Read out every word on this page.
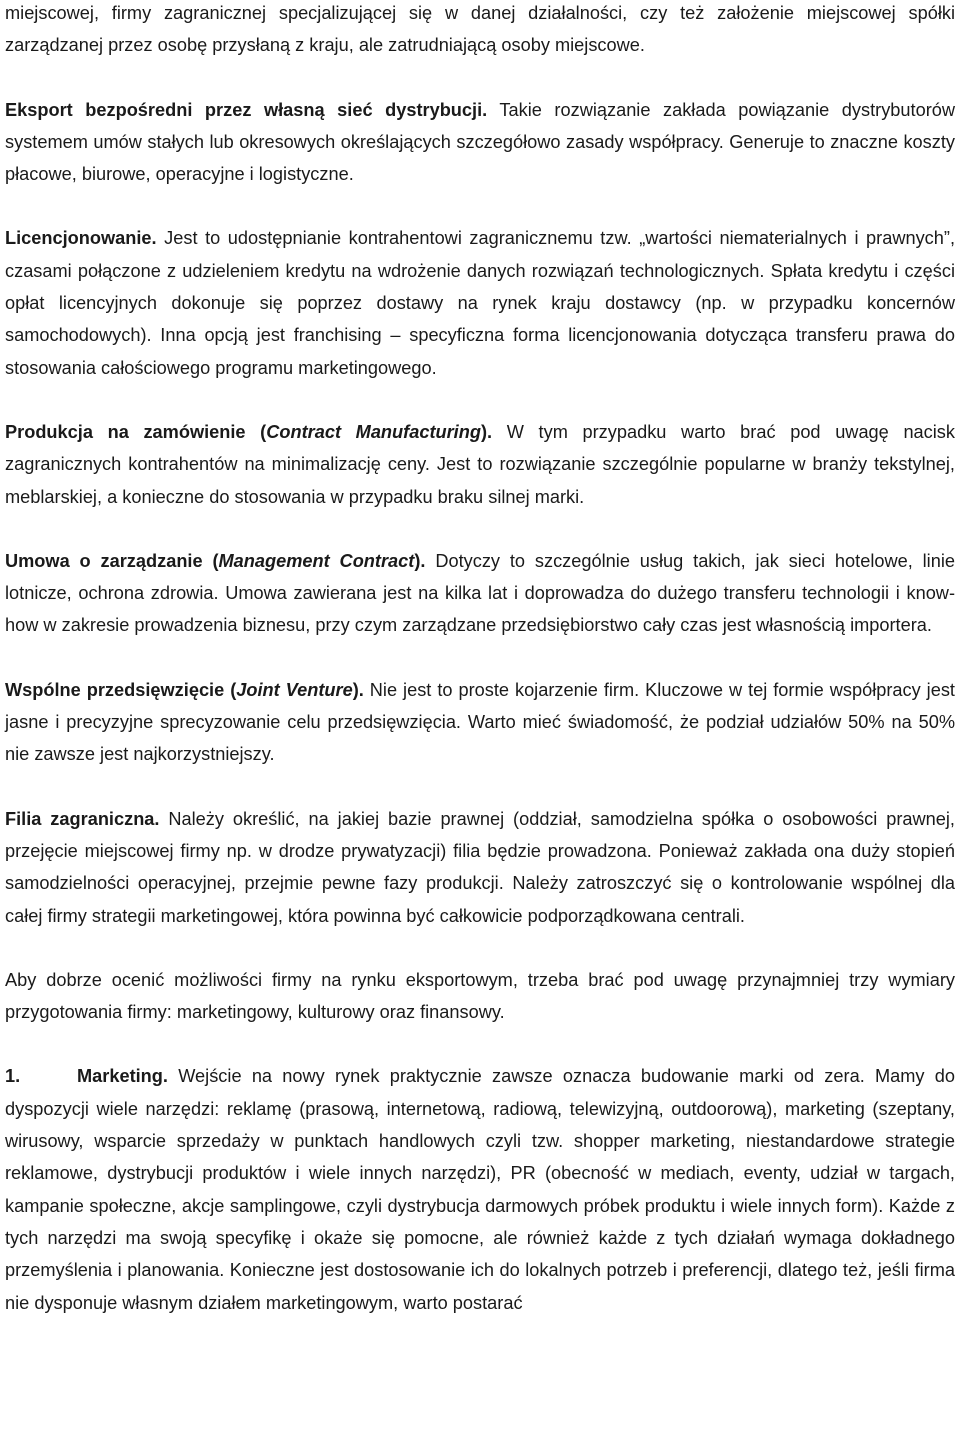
miejscowej, firmy zagranicznej specjalizującej się w danej działalności, czy też założenie miejscowej spółki zarządzanej przez osobę przysłaną z kraju, ale zatrudniającą osoby miejscowe.

Eksport bezpośredni przez własną sieć dystrybucji. Takie rozwiązanie zakłada powiązanie dystrybutorów systemem umów stałych lub okresowych określających szczegółowo zasady współpracy. Generuje to znaczne koszty płacowe, biurowe, operacyjne i logistyczne.

Licencjonowanie. Jest to udostępnianie kontrahentowi zagranicznemu tzw. „wartości niematerialnych i prawnych”, czasami połączone z udzieleniem kredytu na wdrożenie danych rozwiązań technologicznych. Spłata kredytu i części opłat licencyjnych dokonuje się poprzez dostawy na rynek kraju dostawcy (np. w przypadku koncernów samochodowych). Inna opcją jest franchising – specyficzna forma licencjonowania dotycząca transferu prawa do stosowania całościowego programu marketingowego.

Produkcja na zamówienie (Contract Manufacturing). W tym przypadku warto brać pod uwagę nacisk zagranicznych kontrahentów na minimalizację ceny. Jest to rozwiązanie szczególnie popularne w branży tekstylnej, meblarskiej, a konieczne do stosowania w przypadku braku silnej marki.

Umowa o zarządzanie (Management Contract). Dotyczy to szczególnie usług takich, jak sieci hotelowe, linie lotnicze, ochrona zdrowia. Umowa zawierana jest na kilka lat i doprowadza do dużego transferu technologii i know-how w zakresie prowadzenia biznesu, przy czym zarządzane przedsiębiorstwo cały czas jest własnością importera.

Wspólne przedsięwzięcie (Joint Venture). Nie jest to proste kojarzenie firm. Kluczowe w tej formie współpracy jest jasne i precyzyjne sprecyzowanie celu przedsięwzięcia. Warto mieć świadomość, że podział udziałów 50% na 50% nie zawsze jest najkorzystniejszy.

Filia zagraniczna. Należy określić, na jakiej bazie prawnej (oddział, samodzielna spółka o osobowości prawnej, przejęcie miejscowej firmy np. w drodze prywatyzacji) filia będzie prowadzona. Ponieważ zakłada ona duży stopień samodzielności operacyjnej, przejmie pewne fazy produkcji. Należy zatroszczyć się o kontrolowanie wspólnej dla całej firmy strategii marketingowej, która powinna być całkowicie podporządkowana centrali.

Aby dobrze ocenić możliwości firmy na rynku eksportowym, trzeba brać pod uwagę przynajmniej trzy wymiary przygotowania firmy: marketingowy, kulturowy oraz finansowy.

1.	Marketing. Wejście na nowy rynek praktycznie zawsze oznacza budowanie marki od zera. Mamy do dyspozycji wiele narzędzi: reklamę (prasową, internetową, radiową, telewizyjną, outdoorową), marketing (szeptany, wirusowy, wsparcie sprzedaży w punktach handlowych czyli tzw. shopper marketing, niestandardowe strategie reklamowe, dystrybucji produktów i wiele innych narzędzi), PR (obecność w mediach, eventy, udział w targach, kampanie społeczne, akcje samplingowe, czyli dystrybucja darmowych próbek produktu i wiele innych form). Każde z tych narzędzi ma swoją specyfikę i okaże się pomocne, ale również każde z tych działań wymaga dokładnego przemyślenia i planowania. Konieczne jest dostosowanie ich do lokalnych potrzeb i preferencji, dlatego też, jeśli firma nie dysponuje własnym działem marketingowym, warto postarać
